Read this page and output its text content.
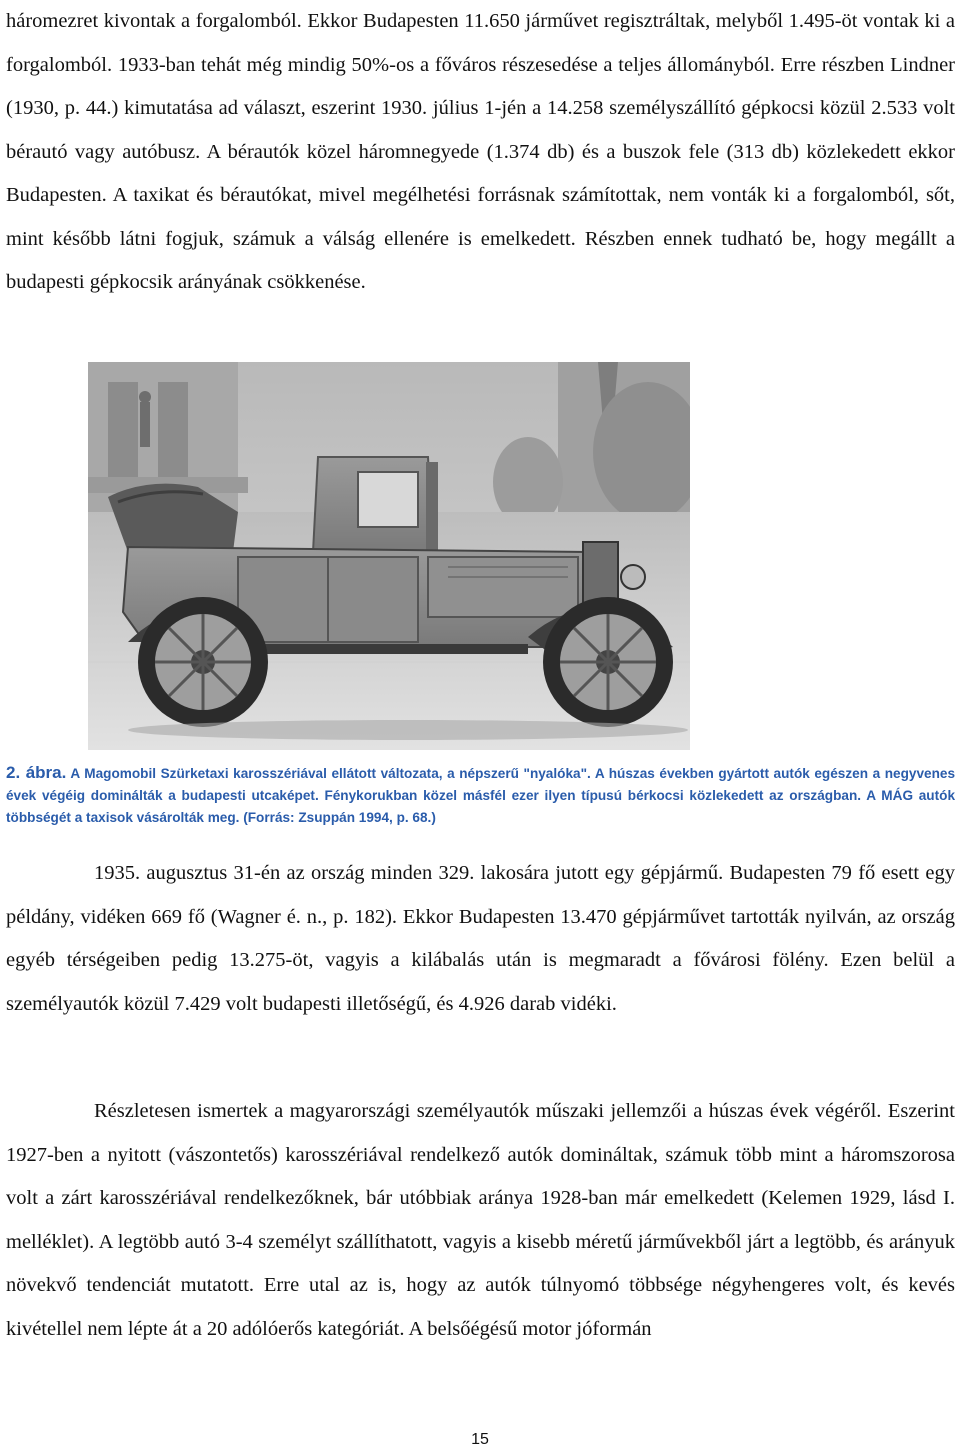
háromezret kivontak a forgalomból. Ekkor Budapesten 11.650 járművet regisztráltak, melyből 1.495-öt vontak ki a forgalomból. 1933-ban tehát még mindig 50%-os a főváros részesedése a teljes állományból. Erre részben Lindner (1930, p. 44.) kimutatása ad választ, eszerint 1930. július 1-jén a 14.258 személyszállító gépkocsi közül 2.533 volt bérautó vagy autóbusz. A bérautók közel háromnegyede (1.374 db) és a buszok fele (313 db) közlekedett ekkor Budapesten. A taxikat és bérautókat, mivel megélhetési forrásnak számítottak, nem vonták ki a forgalomból, sőt, mint később látni fogjuk, számuk a válság ellenére is emelkedett. Részben ennek tudható be, hogy megállt a budapesti gépkocsik arányának csökkenése.

2. ábra. A Magomobil Szürketaxi karosszériával ellátott változata, a népszerű "nyalóka". A húszas években gyártott autók egészen a negyvenes évek végéig dominálták a budapesti utcaképet. Fénykorukban közel másfél ezer ilyen típusú bérkocsi közlekedett az országban. A MÁG autók többségét a taxisok vásárolták meg. (Forrás: Zsuppán 1994, p. 68.)

1935. augusztus 31-én az ország minden 329. lakosára jutott egy gépjármű. Budapesten 79 fő esett egy példány, vidéken 669 fő (Wagner é. n., p. 182). Ekkor Budapesten 13.470 gépjárművet tartották nyilván, az ország egyéb térségeiben pedig 13.275-öt, vagyis a kilábalás után is megmaradt a fővárosi fölény. Ezen belül a személyautók közül 7.429 volt budapesti illetőségű, és 4.926 darab vidéki.

Részletesen ismertek a magyarországi személyautók műszaki jellemzői a húszas évek végéről. Eszerint 1927-ben a nyitott (vászontetős) karosszériával rendelkező autók domináltak, számuk több mint a háromszorosa volt a zárt karosszériával rendelkezőknek, bár utóbbiak aránya 1928-ban már emelkedett (Kelemen 1929, lásd I. melléklet). A legtöbb autó 3-4 személyt szállíthatott, vagyis a kisebb méretű járművekből járt a legtöbb, és arányuk növekvő tendenciát mutatott. Erre utal az is, hogy az autók túlnyomó többsége négyhengeres volt, és kevés kivétellel nem lépte át a 20 adólóerős kategóriát. A belsőégésű motor jóformán

15
